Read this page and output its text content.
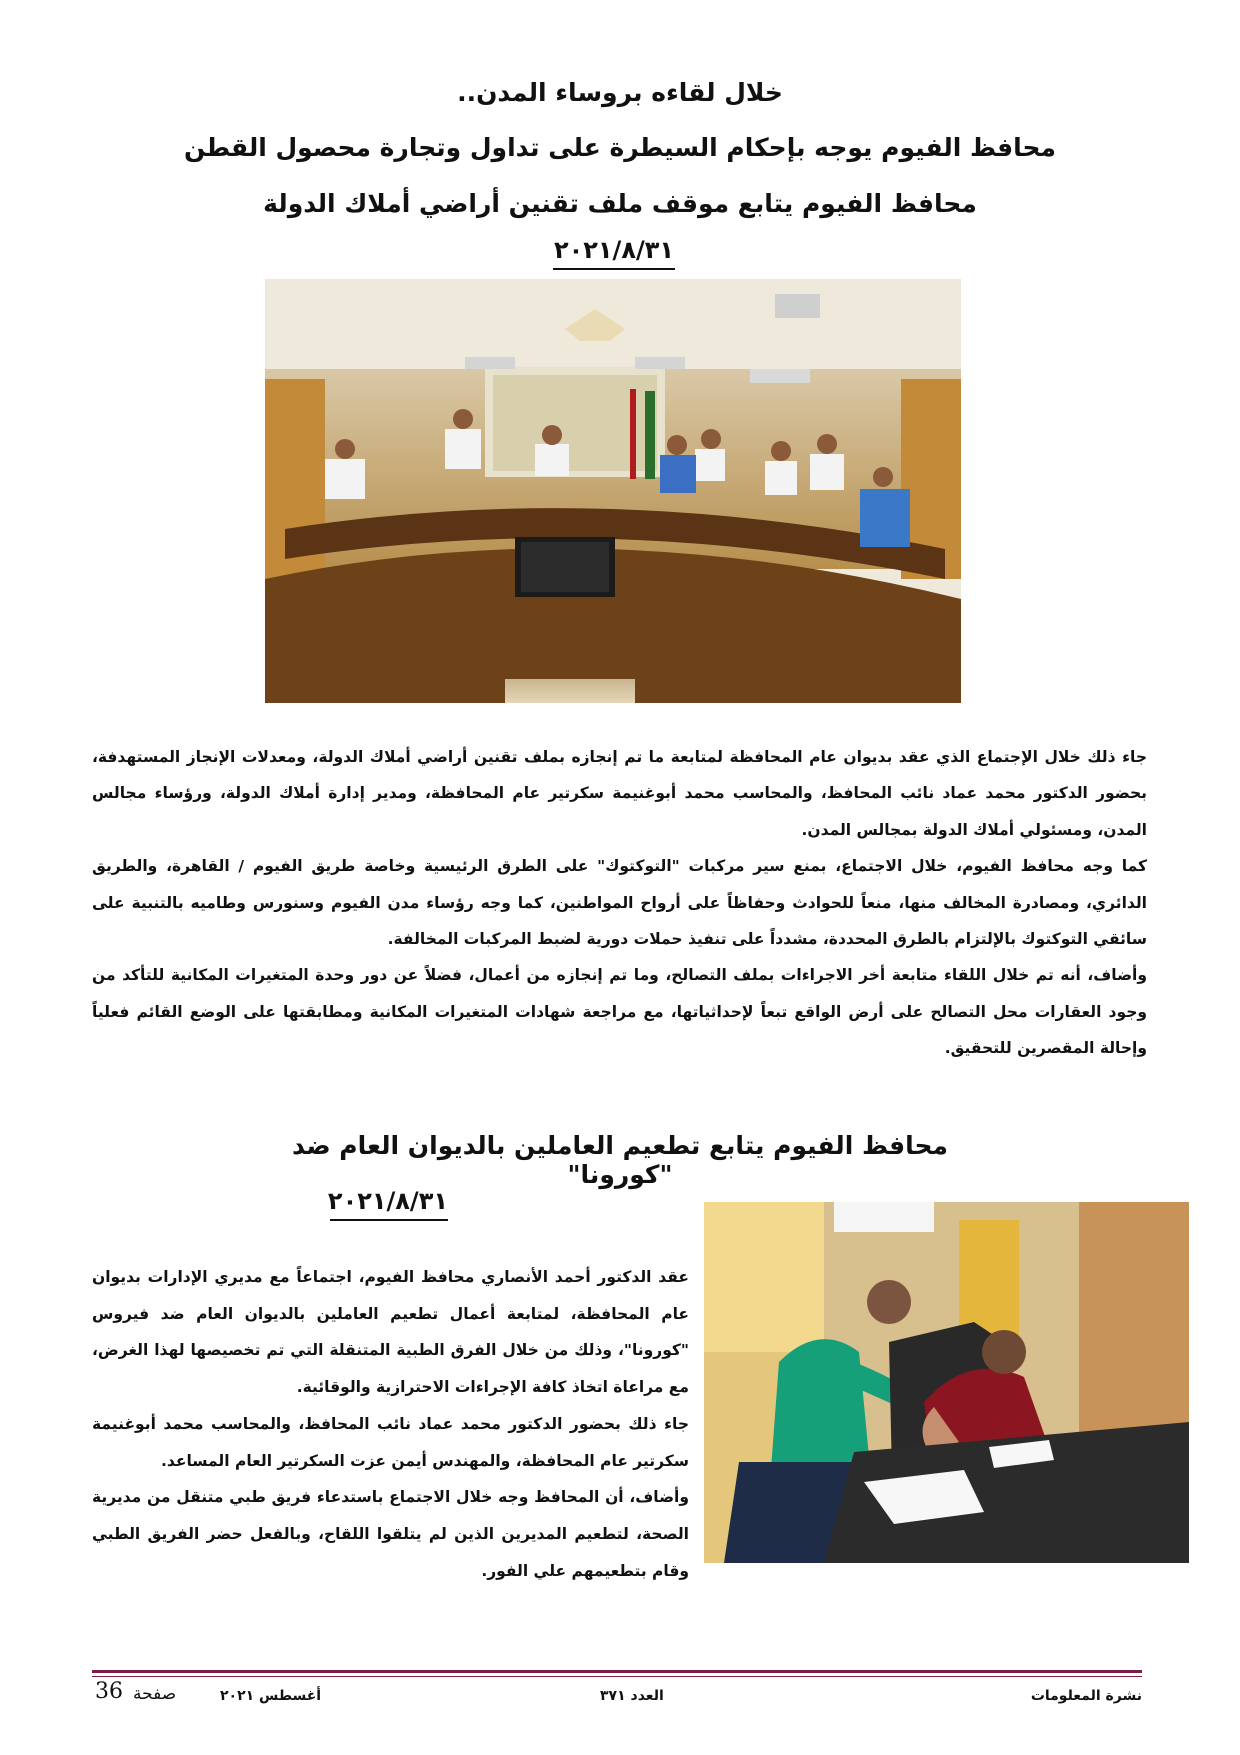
خلال لقاءه بروساء المدن..
محافظ الفيوم يوجه بإحكام السيطرة على تداول وتجارة محصول القطن
محافظ الفيوم يتابع موقف ملف تقنين أراضي أملاك الدولة
٢٠٢١/٨/٣١

جاء ذلك خلال الإجتماع الذي عقد بديوان عام المحافظة لمتابعة ما تم إنجازه بملف تقنين أراضي أملاك الدولة، ومعدلات الإنجاز المستهدفة، بحضور الدكتور محمد عماد نائب المحافظ، والمحاسب محمد أبوغنيمة سكرتير عام المحافظة، ومدير إدارة أملاك الدولة، ورؤساء مجالس المدن، ومسئولي أملاك الدولة بمجالس المدن.

كما وجه محافظ الفيوم، خلال الاجتماع، بمنع سير مركبات "التوكتوك" على الطرق الرئيسية وخاصة طريق الفيوم / القاهرة، والطريق الدائري، ومصادرة المخالف منها، منعاً للحوادث وحفاظاً على أرواح المواطنين، كما وجه رؤساء مدن الفيوم وسنورس وطاميه بالتنبية على سائقي التوكتوك بالإلتزام بالطرق المحددة، مشدداً على تنفيذ حملات دورية لضبط المركبات المخالفة.

وأضاف، أنه تم خلال اللقاء متابعة أخر الاجراءات بملف التصالح، وما تم إنجازه من أعمال، فضلاً عن دور وحدة المتغيرات المكانية للتأكد من وجود العقارات محل التصالح على أرض الواقع تبعاً لإحداثياتها، مع مراجعة شهادات المتغيرات المكانية ومطابقتها على الوضع القائم فعلياً وإحالة المقصرين للتحقيق.

محافظ الفيوم يتابع تطعيم العاملين بالديوان العام ضد "كورونا"
٢٠٢١/٨/٣١

عقد الدكتور أحمد الأنصاري محافظ الفيوم، اجتماعاً مع مديري الإدارات بديوان عام المحافظة، لمتابعة أعمال تطعيم العاملين بالديوان العام ضد فيروس "كورونا"، وذلك من خلال الفرق الطبية المتنقلة التي تم تخصيصها لهذا الغرض، مع مراعاة اتخاذ كافة الإجراءات الاحترازية والوقائية.

جاء ذلك بحضور الدكتور محمد عماد نائب المحافظ، والمحاسب محمد أبوغنيمة سكرتير عام المحافظة، والمهندس أيمن عزت السكرتير العام المساعد.

وأضاف، أن المحافظ وجه خلال الاجتماع باستدعاء فريق طبي متنقل من مديرية الصحة، لتطعيم المديرين الذين لم يتلقوا اللقاح، وبالفعل حضر الفريق الطبي وقام بتطعيمهم علي الفور.

نشرة المعلومات
العدد ٣٧١
أغسطس ٢٠٢١
صفحة
36
